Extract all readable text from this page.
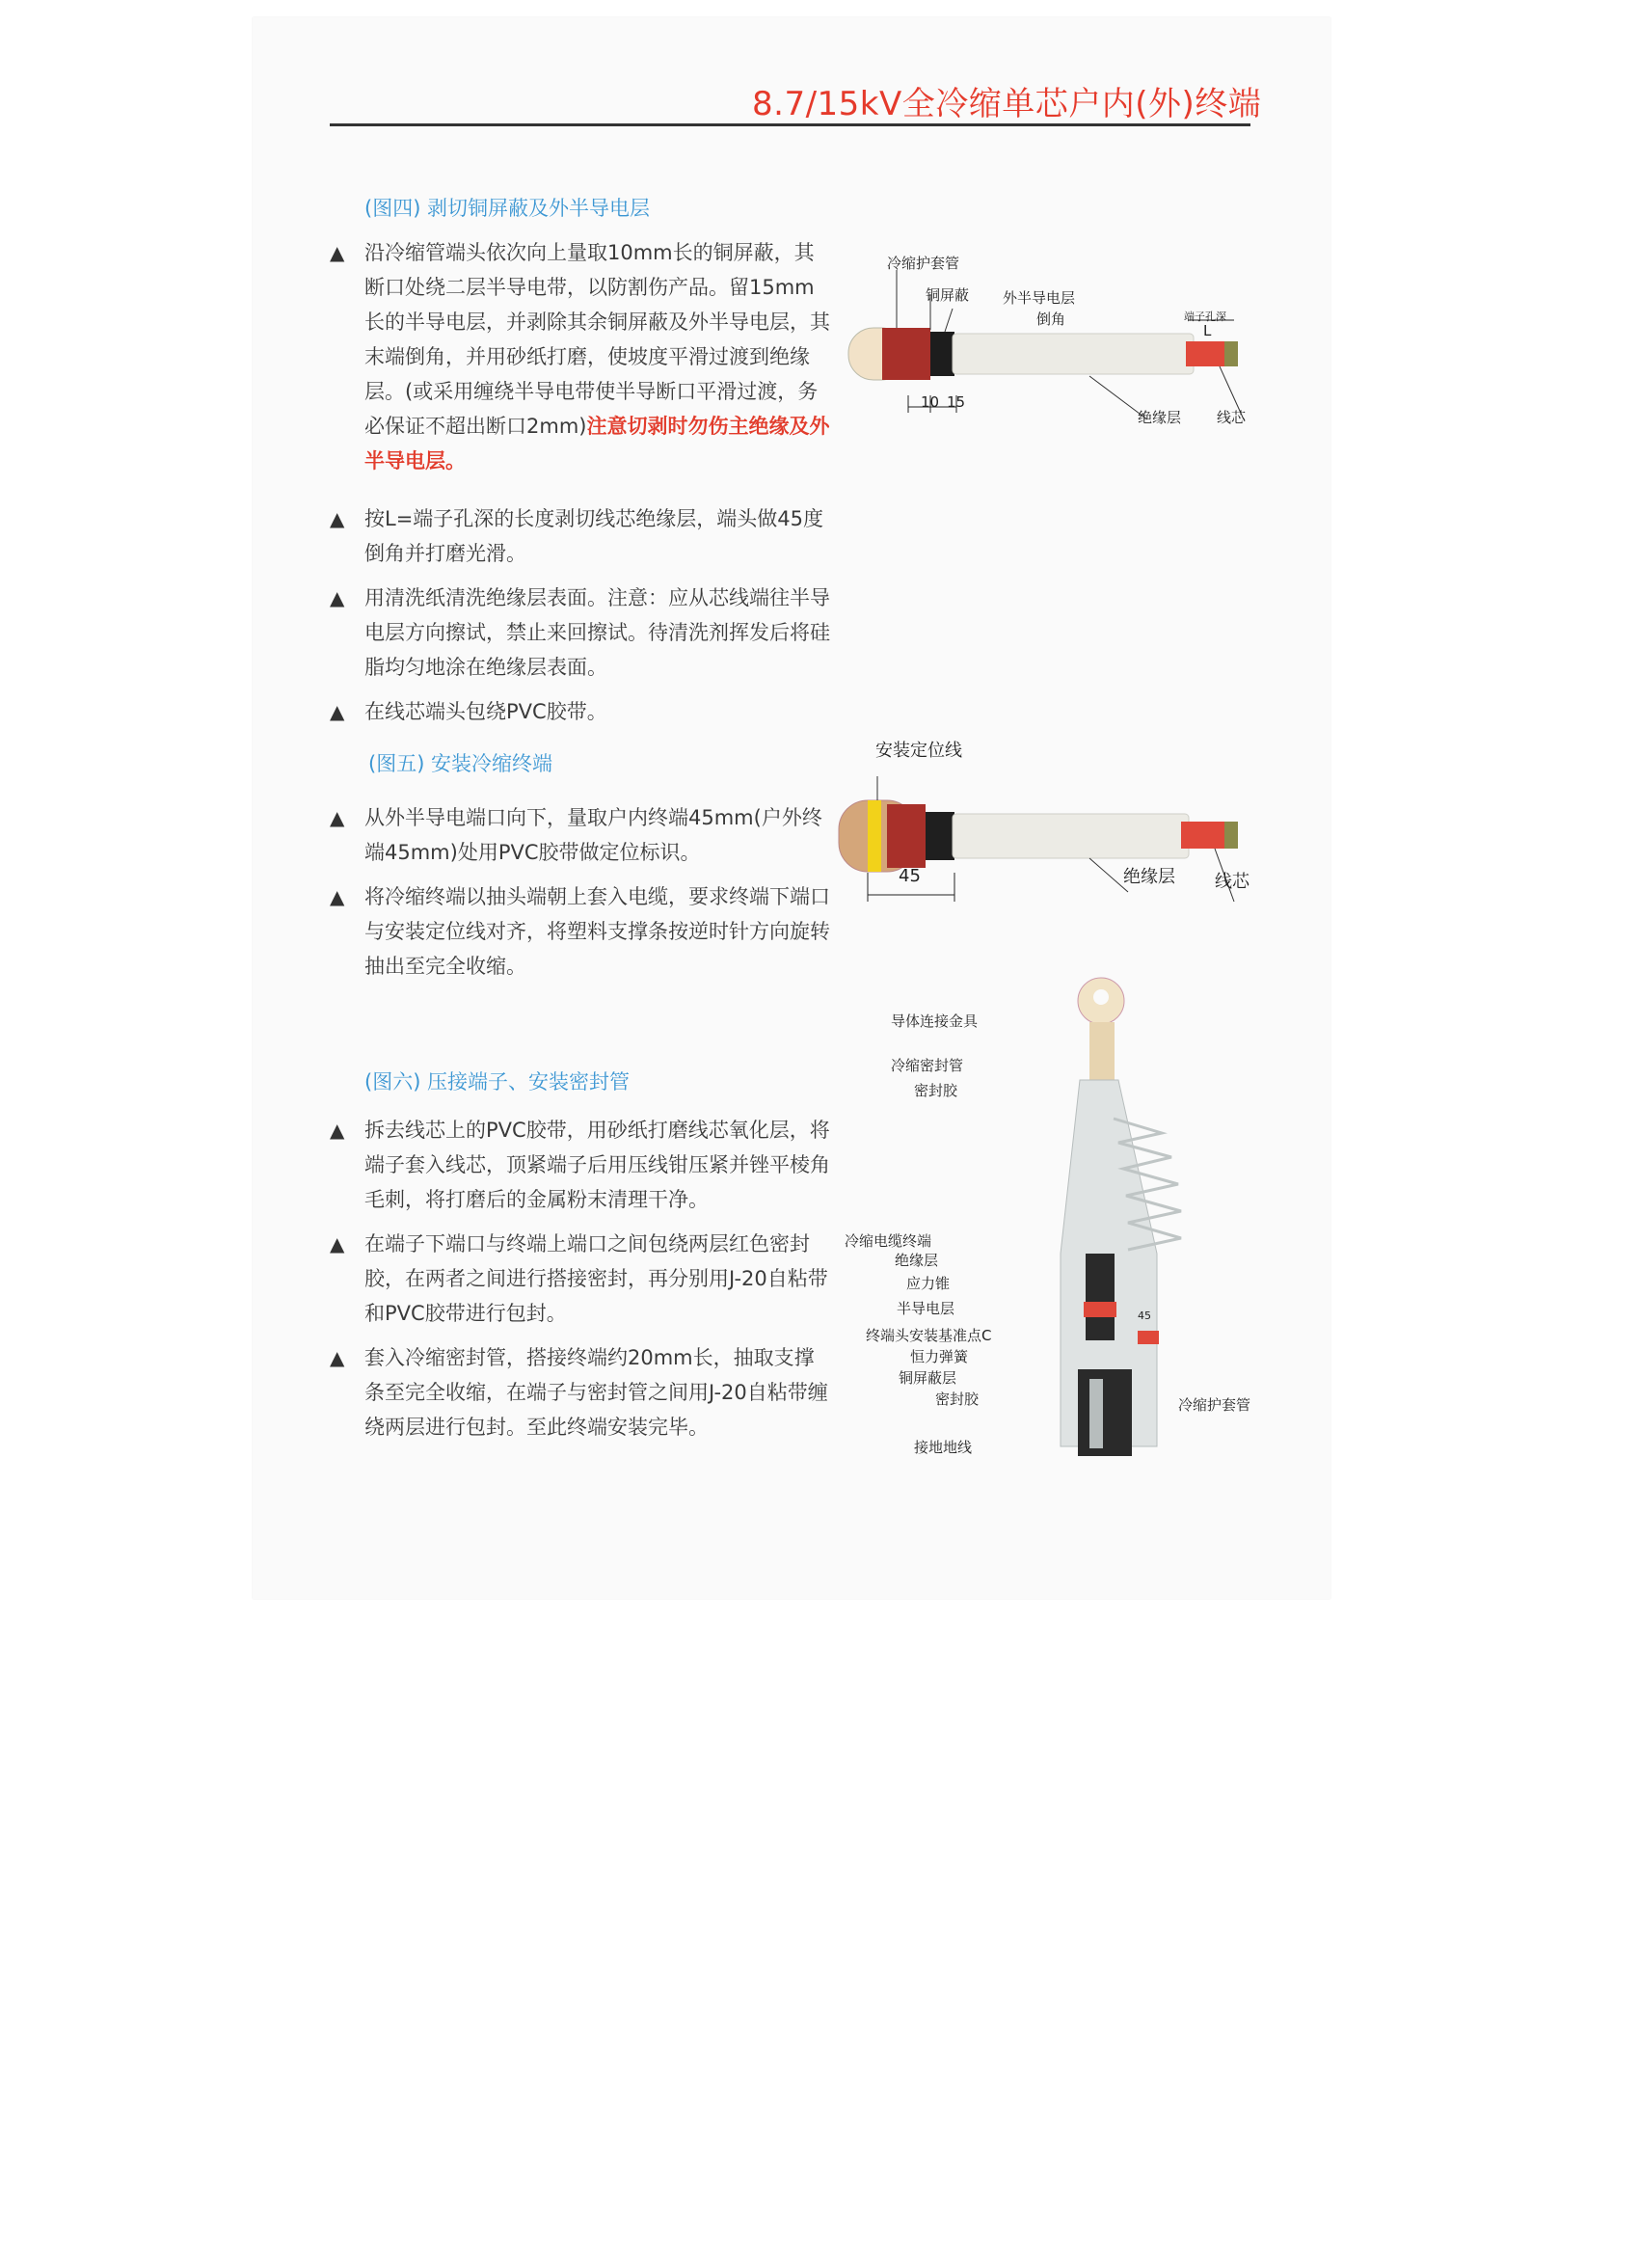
8.7/15kV全冷缩单芯户内(外)终端
(图四) 剥切铜屏蔽及外半导电层
▲ 沿冷缩管端头依次向上量取10mm长的铜屏蔽，其断口处绕二层半导电带，以防割伤产品。留15mm长的半导电层，并剥除其余铜屏蔽及外半导电层，其末端倒角，并用砂纸打磨，使坡度平滑过渡到绝缘层。(或采用缠绕半导电带使半导断口平滑过渡，务必保证不超出断口2mm)注意切剥时勿伤主绝缘及外半导电层。
▲ 按L=端子孔深的长度剥切线芯绝缘层，端头做45度倒角并打磨光滑。
▲ 用清洗纸清洗绝缘层表面。注意：应从芯线端往半导电层方向擦试，禁止来回擦试。待清洗剂挥发后将硅脂均匀地涂在绝缘层表面。
▲ 在线芯端头包绕PVC胶带。
(图五) 安装冷缩终端
▲ 从外半导电端口向下，量取户内终端45mm(户外终端45mm)处用PVC胶带做定位标识。
▲ 将冷缩终端以抽头端朝上套入电缆，要求终端下端口与安装定位线对齐，将塑料支撑条按逆时针方向旋转抽出至完全收缩。
(图六) 压接端子、安装密封管
▲ 拆去线芯上的PVC胶带，用砂纸打磨线芯氧化层，将端子套入线芯，顶紧端子后用压线钳压紧并锉平棱角毛刺，将打磨后的金属粉末清理干净。
▲ 在端子下端口与终端上端口之间包绕两层红色密封胶，在两者之间进行搭接密封，再分别用J-20自粘带和PVC胶带进行包封。
▲ 套入冷缩密封管，搭接终端约20mm长，抽取支撑条至完全收缩，在端子与密封管之间用J-20自粘带缠绕两层进行包封。至此终端安装完毕。
冷缩护套管
铜屏蔽 外半导电层
倒角	端子孔深
L
10 15
绝缘层 线芯
安装定位线
45	绝缘层 线芯
导体连接金具
冷缩密封管
密封胶
冷缩电缆终端
绝缘层
应力锥
半导电层
终端头安装基准点C
恒力弹簧
铜屏蔽层
密封胶
接地地线
冷缩护套管
45
